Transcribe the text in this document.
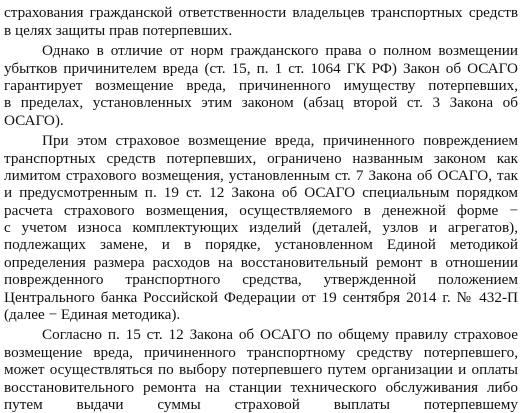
страхования гражданской ответственности владельцев транспортных средств
в целях защиты прав потерпевших.
Однако в отличие от норм гражданского права о полном возмещении
убытков причинителем вреда (ст. 15, п. 1 ст. 1064 ГК РФ) Закон об ОСАГО
гарантирует возмещение вреда, причиненного имуществу потерпевших,
в пределах, установленных этим законом (абзац второй ст. 3 Закона об
ОСАГО).
При этом страховое возмещение вреда, причиненного повреждением
транспортных средств потерпевших, ограничено названным законом как
лимитом страхового возмещения, установленным ст. 7 Закона об ОСАГО, так
и предусмотренным п. 19 ст. 12 Закона об ОСАГО специальным порядком
расчета страхового возмещения, осуществляемого в денежной форме −
с учетом износа комплектующих изделий (деталей, узлов и агрегатов),
подлежащих замене, и в порядке, установленном Единой методикой
определения размера расходов на восстановительный ремонт в отношении
поврежденного транспортного средства, утвержденной положением
Центрального банка Российской Федерации от 19 сентября 2014 г. № 432-П
(далее − Единая методика).
Согласно п. 15 ст. 12 Закона об ОСАГО по общему правилу страховое
возмещение вреда, причиненного транспортному средству потерпевшего,
может осуществляться по выбору потерпевшего путем организации и оплаты
восстановительного ремонта на станции технического обслуживания либо
путем выдачи суммы страховой выплаты потерпевшему
